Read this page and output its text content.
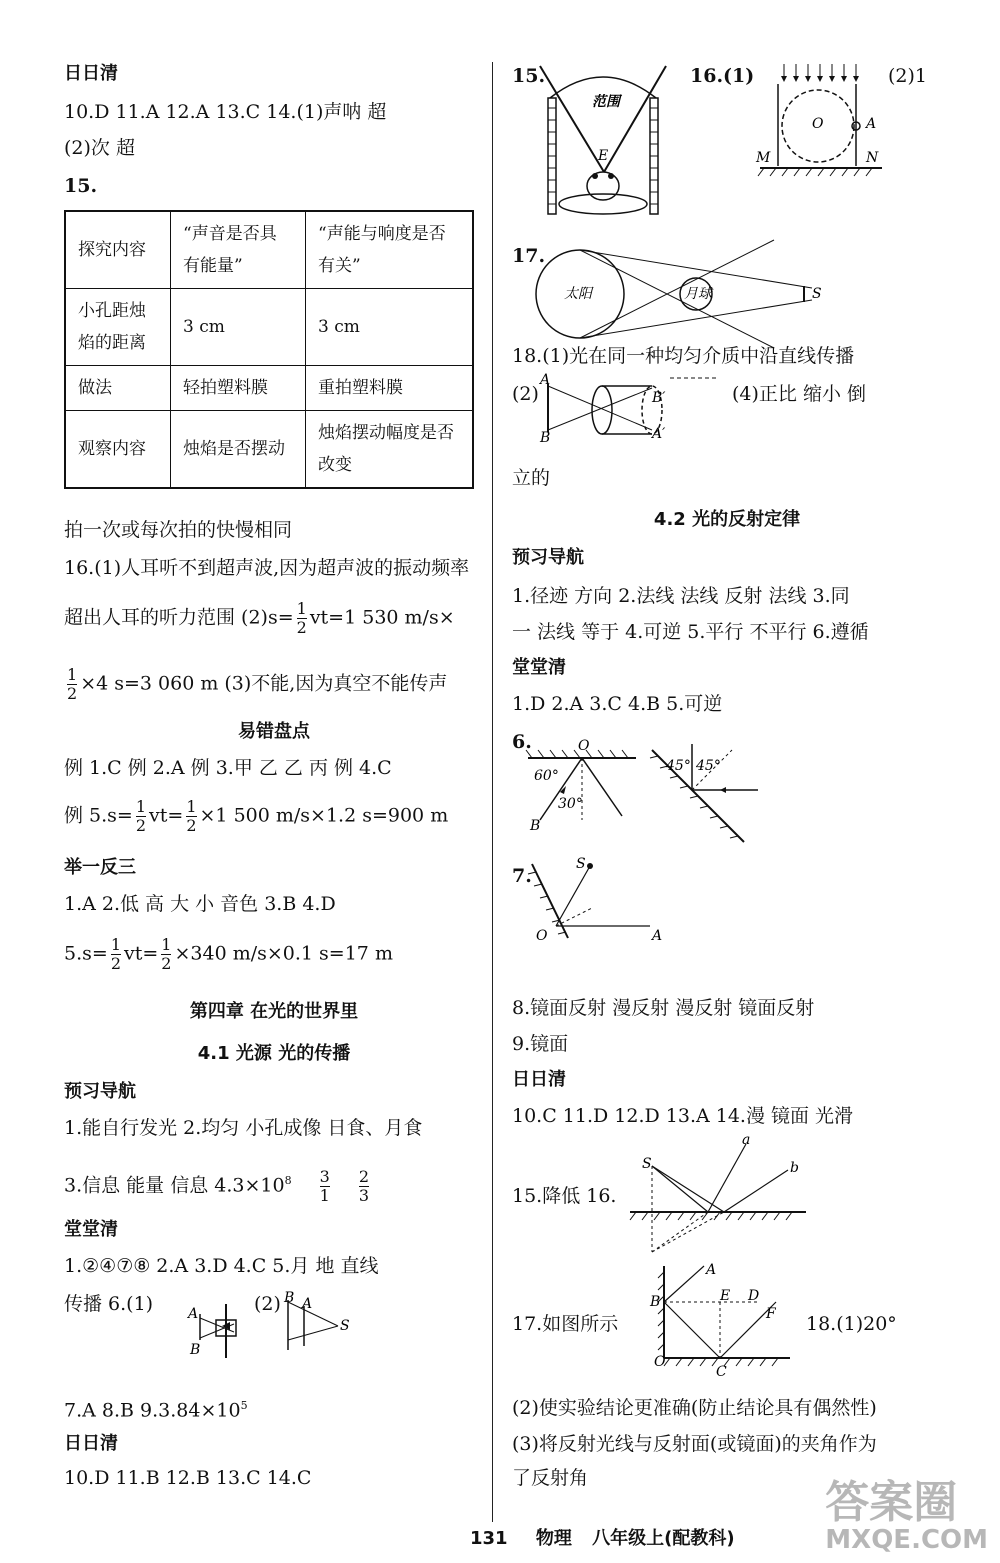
日日清
10.D 11.A 12.A 13.C 14.(1)声呐 超
(2)次 超
15.
探究内容	“声音是否具有能量”	“声能与响度是否有关”
小孔距烛焰的距离	3 cm	3 cm
做法	轻拍塑料膜	重拍塑料膜
观察内容	烛焰是否摆动	烛焰摆动幅度是否改变
拍一次或每次拍的快慢相同
16.(1)人耳听不到超声波,因为超声波的振动频率
超出人耳的听力范围 $(2)s= \frac{1}{2} vt=1$ 530 m/s×
$\frac{1}{2} \times 4$ s=3 060 m (3)不能,因为真空不能传声
易错盘点
例 1.C 例 2.A 例 3.甲 乙 乙 丙 例 4.C
例 $5.s= \frac{1}{2} vt= \frac{1}{2} \times 1$ 500 m/s×1.2 s=900 m
举一反三
1.A 2.低 高 大 小 音色 3.B 4.D
$5.s= \frac{1}{2} vt= \frac{1}{2} \times 340$ m/s×0.1 s=17 m
第四章 在光的世界里
4.1 光源 光的传播
预习导航
1.能自行发光 2.均匀 小孔成像 日食、月食
3.信息 能量 信息 $4.3\times 10^8 \frac{3}{1}$
$\frac{2}{3}$
堂堂清
1.②④⑦⑧ 2.A 3.D 4.C 5.月 地 直线
传播 6.(1)	(2)
A
B
B A
S
7.A 8.B $9.3.84\times 10^5$
日日清
10.D 11.B 12.B 13.C 14.C
15.
范围
E
16.(1)	(2)1
O	A
M	N
17.
太阳	月球	S
18.(1)光在同一种均匀介质中沿直线传播
(2)
A
B
B′
A′
(4)正比 缩小 倒
立的
4.2 光的反射定律
预习导航
1.径迹 方向 2.法线 法线 反射 法线 3.同
一 法线 等于 4.可逆 5.平行 不平行 6.遵循
堂堂清
1.D 2.A 3.C 4.B 5.可逆
6.	O
60°
30°
B
45° 45°
7.
S
O	A
8.镜面反射 漫反射 漫反射 镜面反射
9.镜面
日日清
10.C 11.D 12.D 13.A 14.漫 镜面 光滑
15.降低 16.
S
a
b
17.如图所示	18.(1)20°
A
B	E D
F
O
C
(2)使实验结论更准确(防止结论具有偶然性)
(3)将反射光线与反射面(或镜面)的夹角作为
了反射角
131 物理 八年级上(配教科)
答案圈
MXQE.COM
